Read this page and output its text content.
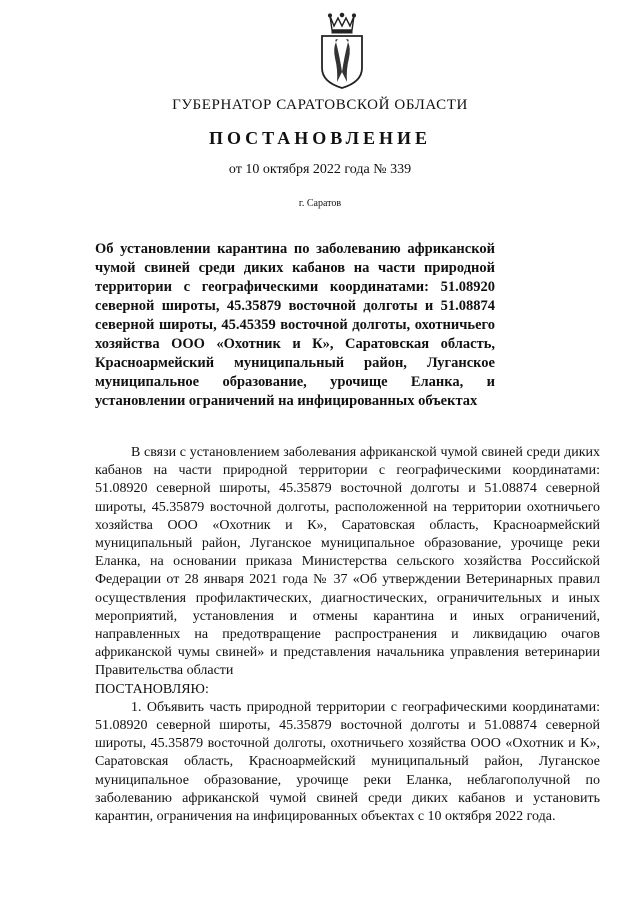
ГУБЕРНАТОР САРАТОВСКОЙ ОБЛАСТИ
ПОСТАНОВЛЕНИЕ
от 10 октября 2022 года № 339
г. Саратов
Об установлении карантина по заболеванию африканской чумой свиней среди диких кабанов на части природной территории с географическими координатами: 51.08920 северной широты, 45.35879 восточной долготы и 51.08874 северной широты, 45.45359 восточной долготы, охотничьего хозяйства ООО «Охотник и К», Саратовская область, Красноармейский муниципальный район, Луганское муниципальное образование, урочище Еланка, и установлении ограничений на инфицированных объектах

В связи с установлением заболевания африканской чумой свиней среди диких кабанов на части природной территории с географическими координатами: 51.08920 северной широты, 45.35879 восточной долготы и 51.08874 северной широты, 45.35879 восточной долготы, расположенной на территории охотничьего хозяйства ООО «Охотник и К», Саратовская область, Красноармейский муниципальный район, Луганское муниципальное образование, урочище реки Еланка, на основании приказа Министерства сельского хозяйства Российской Федерации от 28 января 2021 года № 37 «Об утверждении Ветеринарных правил осуществления профилактических, диагностических, ограничительных и иных мероприятий, установления и отмены карантина и иных ограничений, направленных на предотвращение распространения и ликвидацию очагов африканской чумы свиней» и представления начальника управления ветеринарии Правительства области

ПОСТАНОВЛЯЮ:

1. Объявить часть природной территории с географическими координатами: 51.08920 северной широты, 45.35879 восточной долготы и 51.08874 северной широты, 45.35879 восточной долготы, охотничьего хозяйства ООО «Охотник и К», Саратовская область, Красноармейский муниципальный район, Луганское муниципальное образование, урочище реки Еланка, неблагополучной по заболеванию африканской чумой свиней среди диких кабанов и установить карантин, ограничения на инфицированных объектах с 10 октября 2022 года.
